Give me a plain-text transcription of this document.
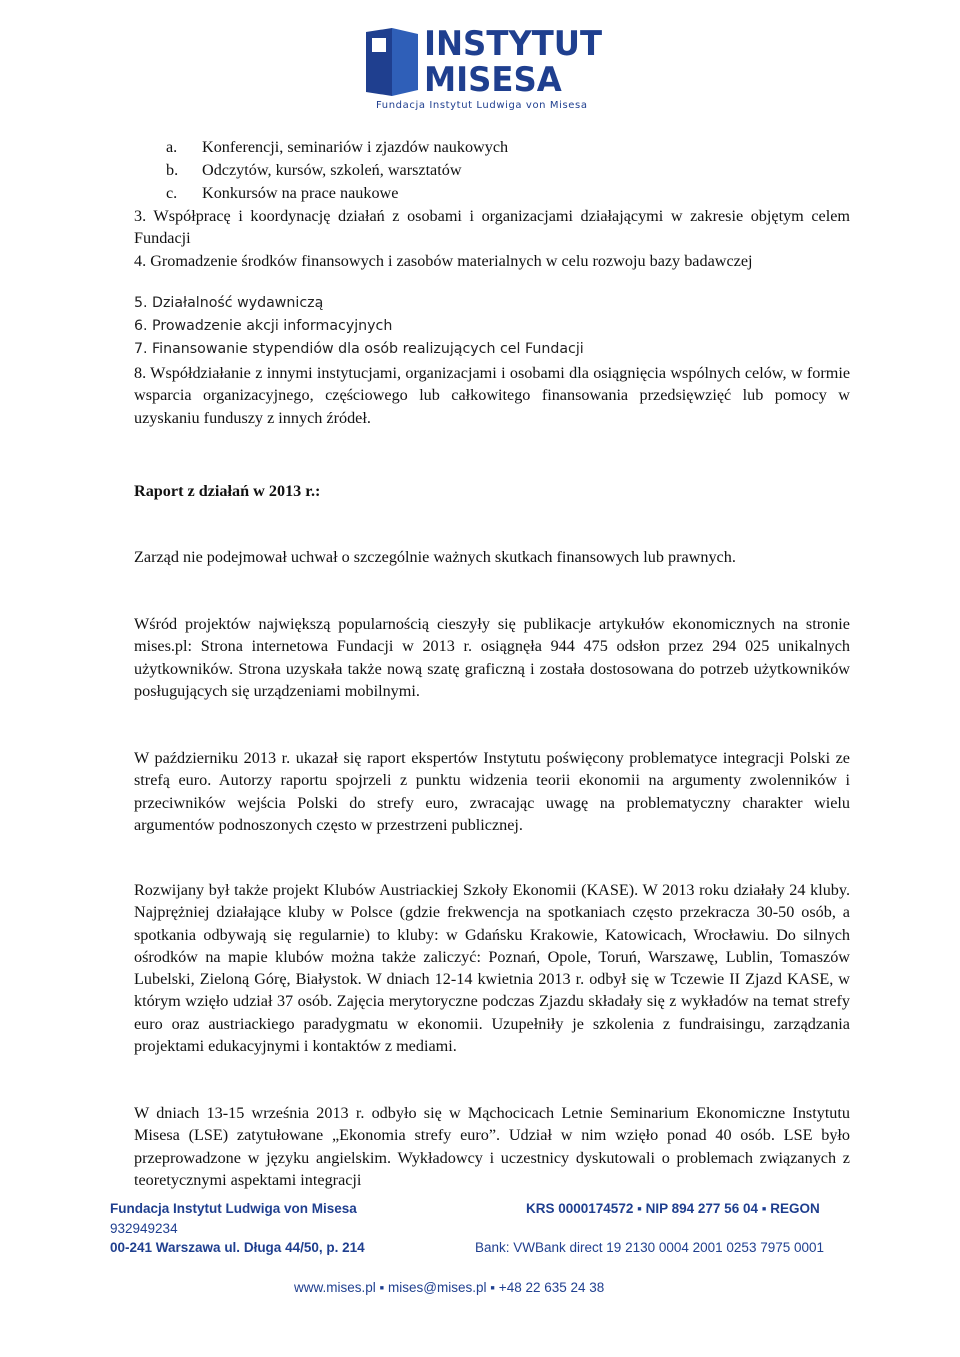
INSTYTUT
MISESA
Fundacja Instytut Ludwiga von Misesa
a. Konferencji, seminariów i zjazdów naukowych
b. Odczytów, kursów, szkoleń, warsztatów
c. Konkursów na prace naukowe
3. Współpracę i koordynację działań z osobami i organizacjami działającymi w zakresie objętym celem Fundacji
4. Gromadzenie środków finansowych i zasobów materialnych w celu rozwoju bazy badawczej
5. Działalność wydawniczą
6. Prowadzenie akcji informacyjnych
7. Finansowanie stypendiów dla osób realizujących cel Fundacji
8. Współdziałanie z innymi instytucjami, organizacjami i osobami dla osiągnięcia wspólnych celów, w formie wsparcia organizacyjnego, częściowego lub całkowitego finansowania przedsięwzięć lub pomocy w uzyskaniu funduszy z innych źródeł.
Raport z działań w 2013 r.:
Zarząd nie podejmował uchwał o szczególnie ważnych skutkach finansowych lub prawnych.
Wśród projektów największą popularnością cieszyły się publikacje artykułów ekonomicznych na stronie mises.pl: Strona internetowa Fundacji w 2013 r. osiągnęła 944 475 odsłon przez 294 025 unikalnych użytkowników. Strona uzyskała także nową szatę graficzną i została dostosowana do potrzeb użytkowników posługujących się urządzeniami mobilnymi.
W październiku 2013 r. ukazał się raport ekspertów Instytutu poświęcony problematyce integracji Polski ze strefą euro. Autorzy raportu spojrzeli z punktu widzenia teorii ekonomii na argumenty zwolenników i przeciwników wejścia Polski do strefy euro, zwracając uwagę na problematyczny charakter wielu argumentów podnoszonych często w przestrzeni publicznej.
Rozwijany był także projekt Klubów Austriackiej Szkoły Ekonomii (KASE). W 2013 roku działały 24 kluby. Najprężniej działające kluby w Polsce (gdzie frekwencja na spotkaniach często przekracza 30-50 osób, a spotkania odbywają się regularnie) to kluby: w Gdańsku Krakowie, Katowicach, Wrocławiu. Do silnych ośrodków na mapie klubów można także zaliczyć: Poznań, Opole, Toruń, Warszawę, Lublin, Tomaszów Lubelski, Zieloną Górę, Białystok. W dniach 12-14 kwietnia 2013 r. odbył się w Tczewie II Zjazd KASE, w którym wzięło udział 37 osób. Zajęcia merytoryczne podczas Zjazdu składały się z wykładów na temat strefy euro oraz austriackiego paradygmatu w ekonomii. Uzupełniły je szkolenia z fundraisingu, zarządzania projektami edukacyjnymi i kontaktów z mediami.
W dniach 13-15 września 2013 r. odbyło się w Mąchocicach Letnie Seminarium Ekonomiczne Instytutu Misesa (LSE) zatytułowane „Ekonomia strefy euro”. Udział w nim wzięło ponad 40 osób. LSE było przeprowadzone w języku angielskim. Wykładowcy i uczestnicy dyskutowali o problemach związanych z teoretycznymi aspektami integracji
Fundacja Instytut Ludwiga von Misesa	KRS 0000174572 ▪ NIP 894 277 56 04 ▪ REGON
932949234
00-241 Warszawa ul. Długa 44/50, p. 214	Bank: VWBank direct 19 2130 0004 2001 0253 7975 0001
www.mises.pl ▪ mises@mises.pl ▪ +48 22 635 24 38
